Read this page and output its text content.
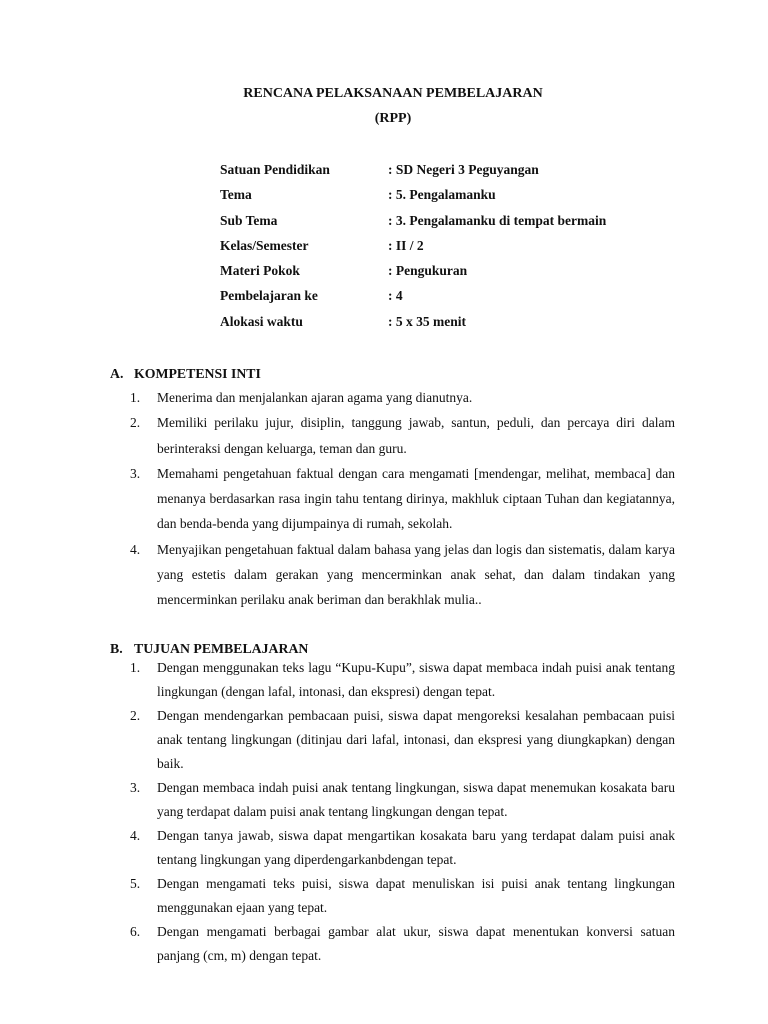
RENCANA PELAKSANAAN PEMBELAJARAN
(RPP)
Satuan Pendidikan	: SD Negeri 3 Peguyangan
Tema	: 5. Pengalamanku
Sub Tema	: 3. Pengalamanku di tempat bermain
Kelas/Semester	: II / 2
Materi Pokok	: Pengukuran
Pembelajaran ke	: 4
Alokasi waktu	: 5 x 35 menit
A. KOMPETENSI INTI
1. Menerima dan menjalankan ajaran agama yang dianutnya.
2. Memiliki perilaku jujur, disiplin, tanggung jawab, santun, peduli, dan percaya diri dalam berinteraksi dengan keluarga, teman dan guru.
3. Memahami pengetahuan faktual dengan cara mengamati [mendengar, melihat, membaca] dan menanya berdasarkan rasa ingin tahu tentang dirinya, makhluk ciptaan Tuhan dan kegiatannya, dan benda-benda yang dijumpainya di rumah, sekolah.
4. Menyajikan pengetahuan faktual dalam bahasa yang jelas dan logis dan sistematis, dalam karya yang estetis dalam gerakan yang mencerminkan anak sehat, dan dalam tindakan yang mencerminkan perilaku anak beriman dan berakhlak mulia..
B. TUJUAN PEMBELAJARAN
1. Dengan menggunakan teks lagu “Kupu-Kupu”, siswa dapat membaca indah puisi anak tentang lingkungan (dengan lafal, intonasi, dan ekspresi) dengan tepat.
2. Dengan mendengarkan pembacaan puisi, siswa dapat mengoreksi kesalahan pembacaan puisi anak tentang lingkungan (ditinjau dari lafal, intonasi, dan ekspresi yang diungkapkan) dengan baik.
3. Dengan membaca indah puisi anak tentang lingkungan, siswa dapat menemukan kosakata baru yang terdapat dalam puisi anak tentang lingkungan dengan tepat.
4. Dengan tanya jawab, siswa dapat mengartikan kosakata baru yang terdapat dalam puisi anak tentang lingkungan yang diperdengarkanbdengan tepat.
5. Dengan mengamati teks puisi, siswa dapat menuliskan isi puisi anak tentang lingkungan menggunakan ejaan yang tepat.
6. Dengan mengamati berbagai gambar alat ukur, siswa dapat menentukan konversi satuan panjang (cm, m) dengan tepat.
